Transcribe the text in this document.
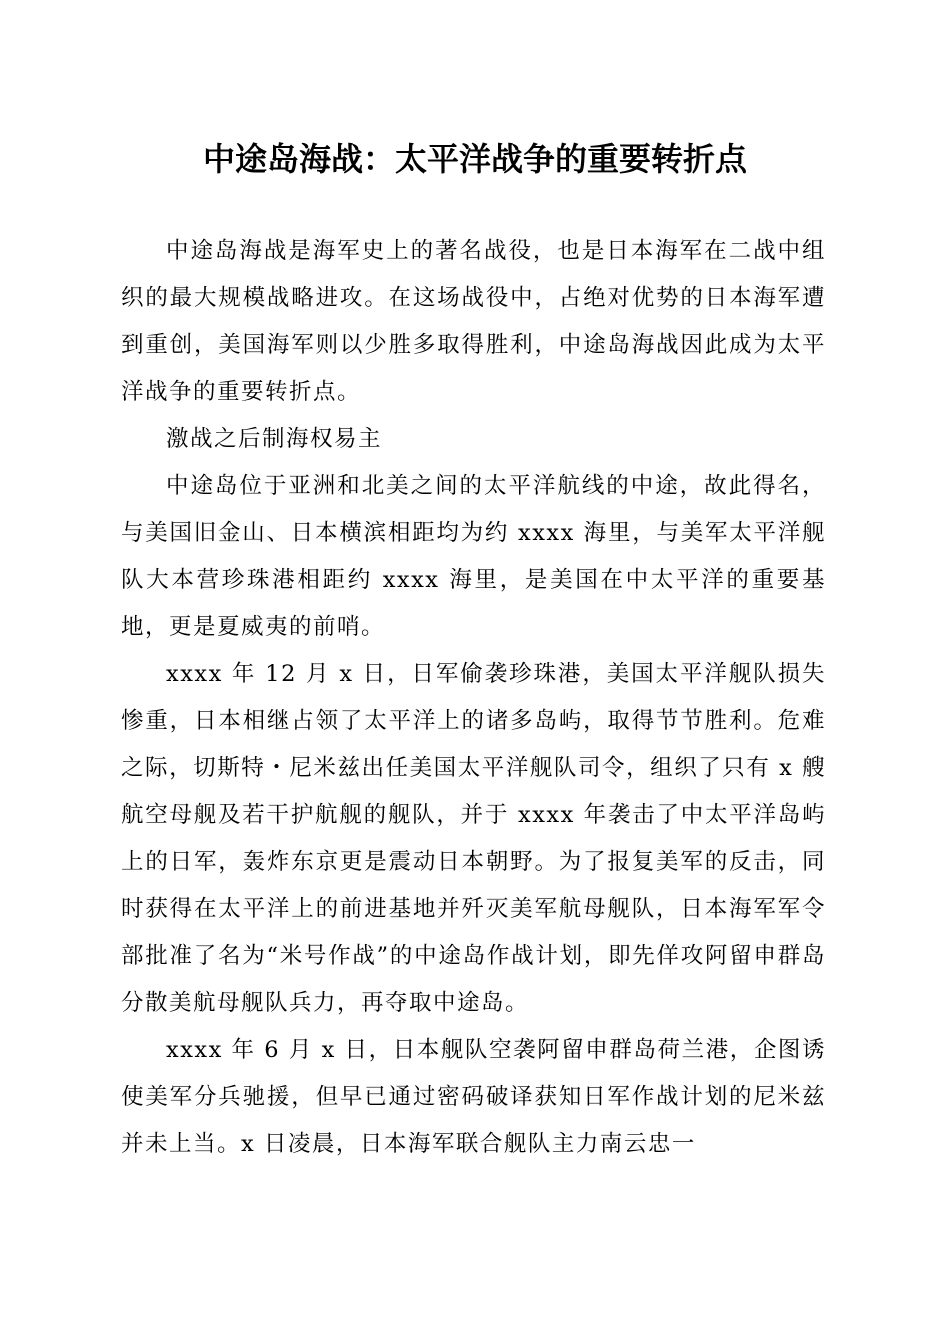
中途岛海战：太平洋战争的重要转折点

中途岛海战是海军史上的著名战役，也是日本海军在二战中组织的最大规模战略进攻。在这场战役中，占绝对优势的日本海军遭到重创，美国海军则以少胜多取得胜利，中途岛海战因此成为太平洋战争的重要转折点。

激战之后制海权易主

中途岛位于亚洲和北美之间的太平洋航线的中途，故此得名，与美国旧金山、日本横滨相距均为约 xxxx 海里，与美军太平洋舰队大本营珍珠港相距约 xxxx 海里，是美国在中太平洋的重要基地，更是夏威夷的前哨。

xxxx 年 12 月 x 日，日军偷袭珍珠港，美国太平洋舰队损失惨重，日本相继占领了太平洋上的诸多岛屿，取得节节胜利。危难之际，切斯特・尼米兹出任美国太平洋舰队司令，组织了只有 x 艘航空母舰及若干护航舰的舰队，并于 xxxx 年袭击了中太平洋岛屿上的日军，轰炸东京更是震动日本朝野。为了报复美军的反击，同时获得在太平洋上的前进基地并歼灭美军航母舰队，日本海军军令部批准了名为“米号作战”的中途岛作战计划，即先佯攻阿留申群岛分散美航母舰队兵力，再夺取中途岛。

xxxx 年 6 月 x 日，日本舰队空袭阿留申群岛荷兰港，企图诱使美军分兵驰援，但早已通过密码破译获知日军作战计划的尼米兹并未上当。x 日凌晨，日本海军联合舰队主力南云忠一
